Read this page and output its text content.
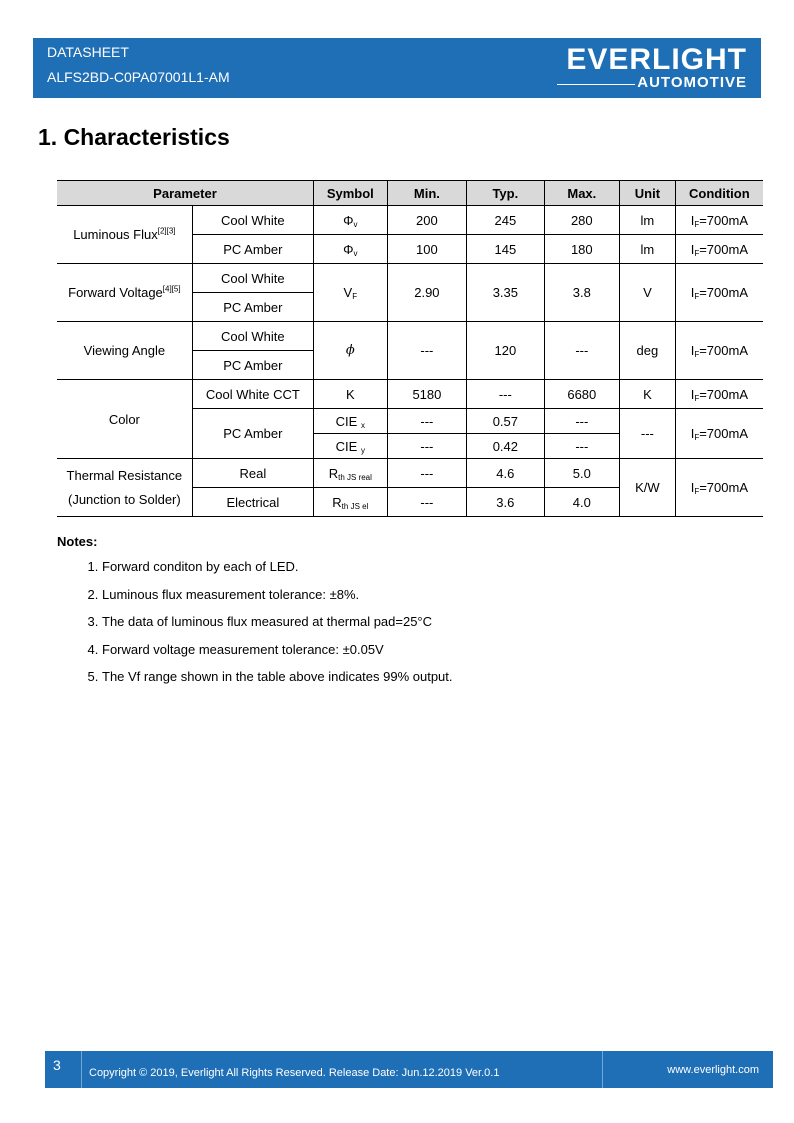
DATASHEET
ALFS2BD-C0PA07001L1-AM
EVERLIGHT
AUTOMOTIVE
1. Characteristics
Parameter		Symbol	Min.	Typ.	Max.	Unit	Condition
Luminous Flux[2][3]	Cool White	$\Phi_v$	200	245	280	lm	$I_F=700mA$
	PC Amber	$\Phi_v$	100	145	180	lm	$I_F=700mA$
Forward Voltage[4][5]	Cool White	$V_F$	2.90	3.35	3.8	V	$I_F=700mA$
	PC Amber						
Viewing Angle	Cool White	ϕ	---	120	---	deg	$I_F=700mA$
	PC Amber						
Color	Cool White CCT	K	5180	---	6680	K	$I_F=700mA$
	PC Amber	CIE $_x$	---	0.57	---	---	$I_F=700mA$
		CIE $_y$	---	0.42	---		

Thermal Resistance
(Junction to Solder)	Real	$R_{th JS real}$	---	4.6	5.0	K/W	$I_F=700mA$
	Electrical	$R_{th JS el}$	---	3.6	4.0		
Notes:
1. Forward conditon by each of LED.
2. Luminous flux measurement tolerance: ±8%.
3. The data of luminous flux measured at thermal pad=25°C
4. Forward voltage measurement tolerance: ±0.05V
5. The Vf range shown in the table above indicates 99% output.
3	Copyright © 2019, Everlight All Rights Reserved. Release Date: Jun.12.2019 Ver.0.1	www.everlight.com
